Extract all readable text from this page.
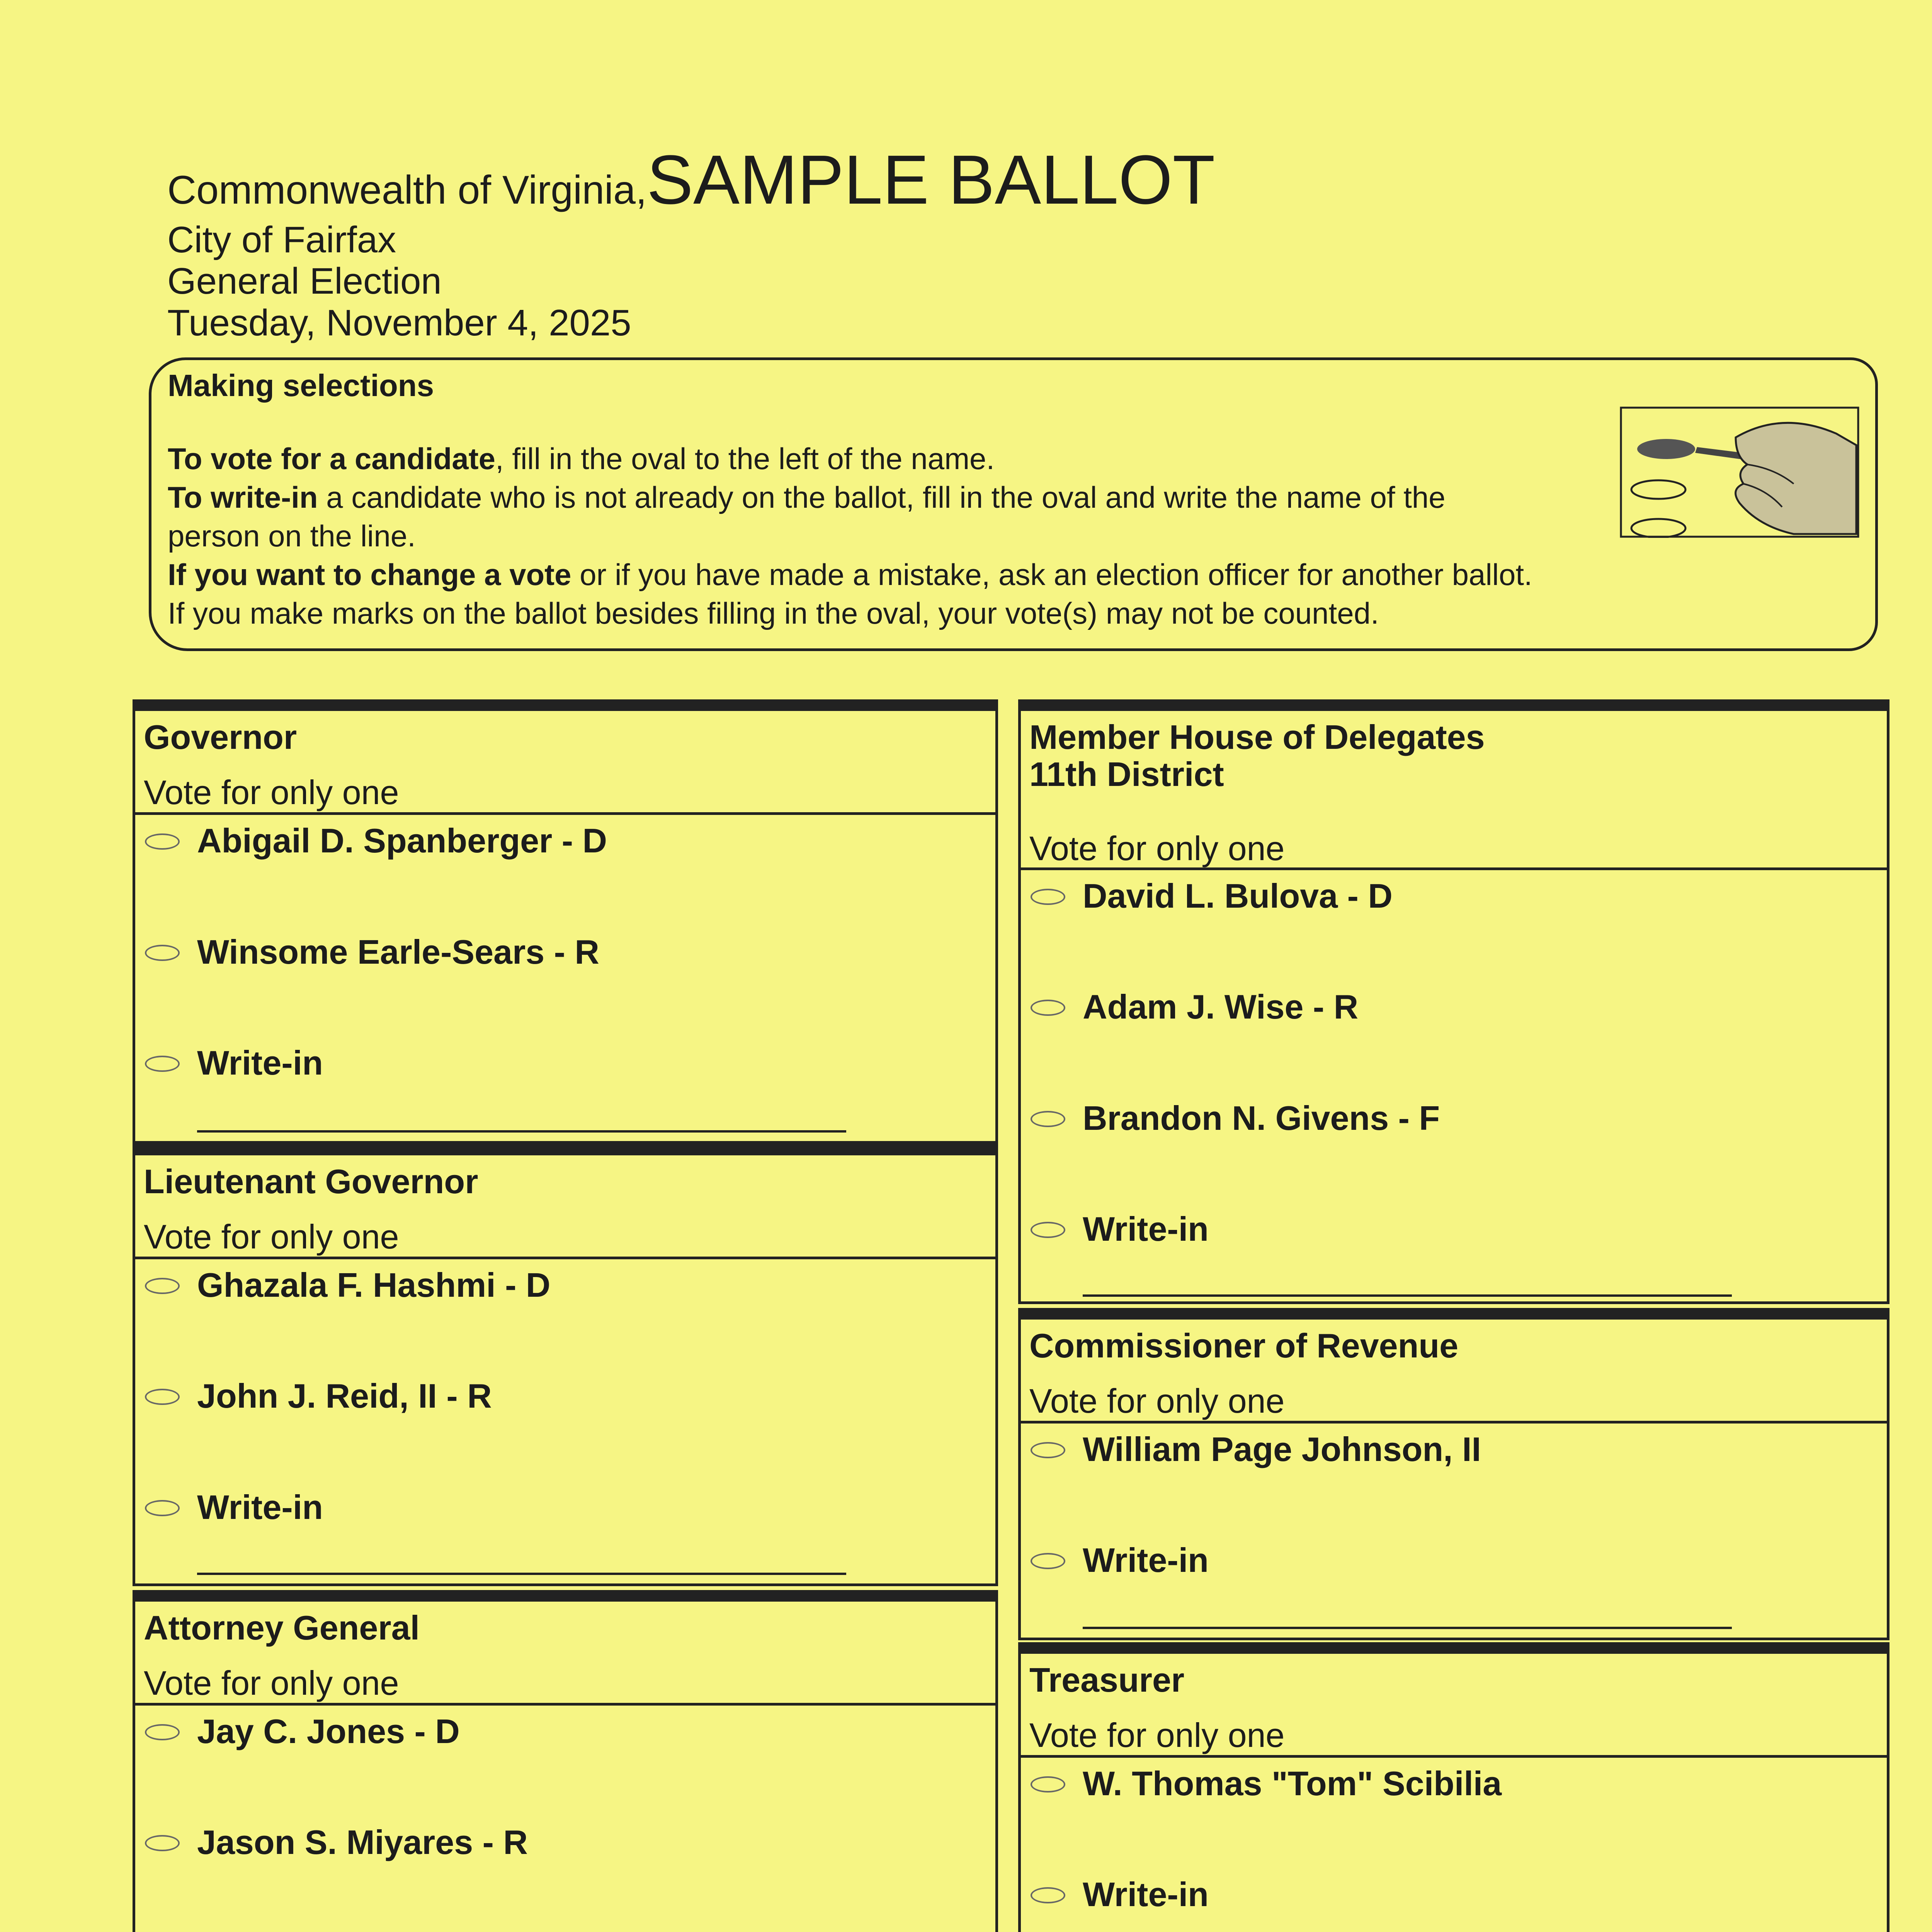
Commonwealth of Virginia,SAMPLE BALLOT
City of Fairfax
General Election
Tuesday, November 4, 2025
Making selections
To vote for a candidate, fill in the oval to the left of the name.
To write-in a candidate who is not already on the ballot, fill in the oval and write the name of the
person on the line.
If you want to change a vote or if you have made a mistake, ask an election officer for another ballot.
If you make marks on the ballot besides filling in the oval, your vote(s) may not be counted.
Governor
Vote for only one
Abigail D. Spanberger - D
Winsome Earle-Sears - R
Write-in
Lieutenant Governor
Vote for only one
Ghazala F. Hashmi - D
John J. Reid, II - R
Write-in
Attorney General
Vote for only one
Jay C. Jones - D
Jason S. Miyares - R
Member House of Delegates
11th District
Vote for only one
David L. Bulova - D
Adam J. Wise - R
Brandon N. Givens - F
Write-in
Commissioner of Revenue
Vote for only one
William Page Johnson, II
Write-in
Treasurer
Vote for only one
W. Thomas "Tom" Scibilia
Write-in
